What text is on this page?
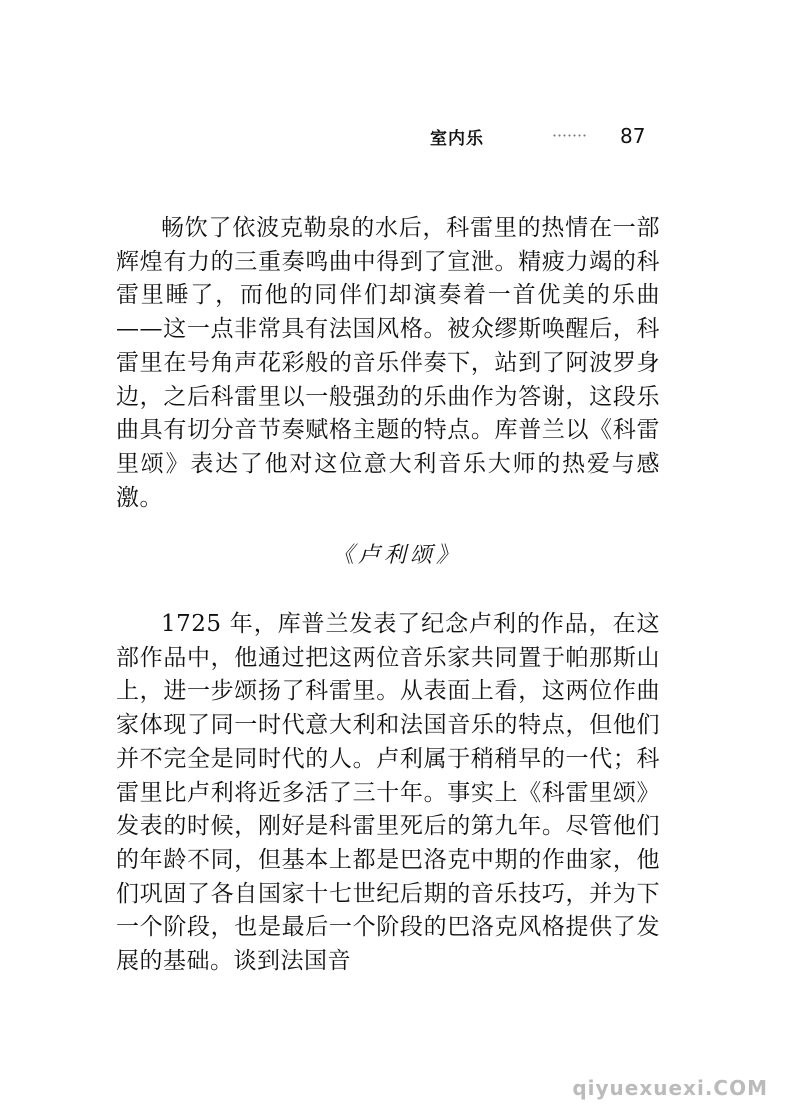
室内乐	87

畅饮了依波克勒泉的水后，科雷里的热情在一部辉煌有力的三重奏鸣曲中得到了宣泄。精疲力竭的科雷里睡了，而他的同伴们却演奏着一首优美的乐曲——这一点非常具有法国风格。被众缪斯唤醒后，科雷里在号角声花彩般的音乐伴奏下，站到了阿波罗身边，之后科雷里以一般强劲的乐曲作为答谢，这段乐曲具有切分音节奏赋格主题的特点。库普兰以《科雷里颂》表达了他对这位意大利音乐大师的热爱与感激。

《卢利颂》

1725 年，库普兰发表了纪念卢利的作品，在这部作品中，他通过把这两位音乐家共同置于帕那斯山上，进一步颂扬了科雷里。从表面上看，这两位作曲家体现了同一时代意大利和法国音乐的特点，但他们并不完全是同时代的人。卢利属于稍稍早的一代；科雷里比卢利将近多活了三十年。事实上《科雷里颂》发表的时候，刚好是科雷里死后的第九年。尽管他们的年龄不同，但基本上都是巴洛克中期的作曲家，他们巩固了各自国家十七世纪后期的音乐技巧，并为下一个阶段，也是最后一个阶段的巴洛克风格提供了发展的基础。谈到法国音

qiyuexuexi.COM
